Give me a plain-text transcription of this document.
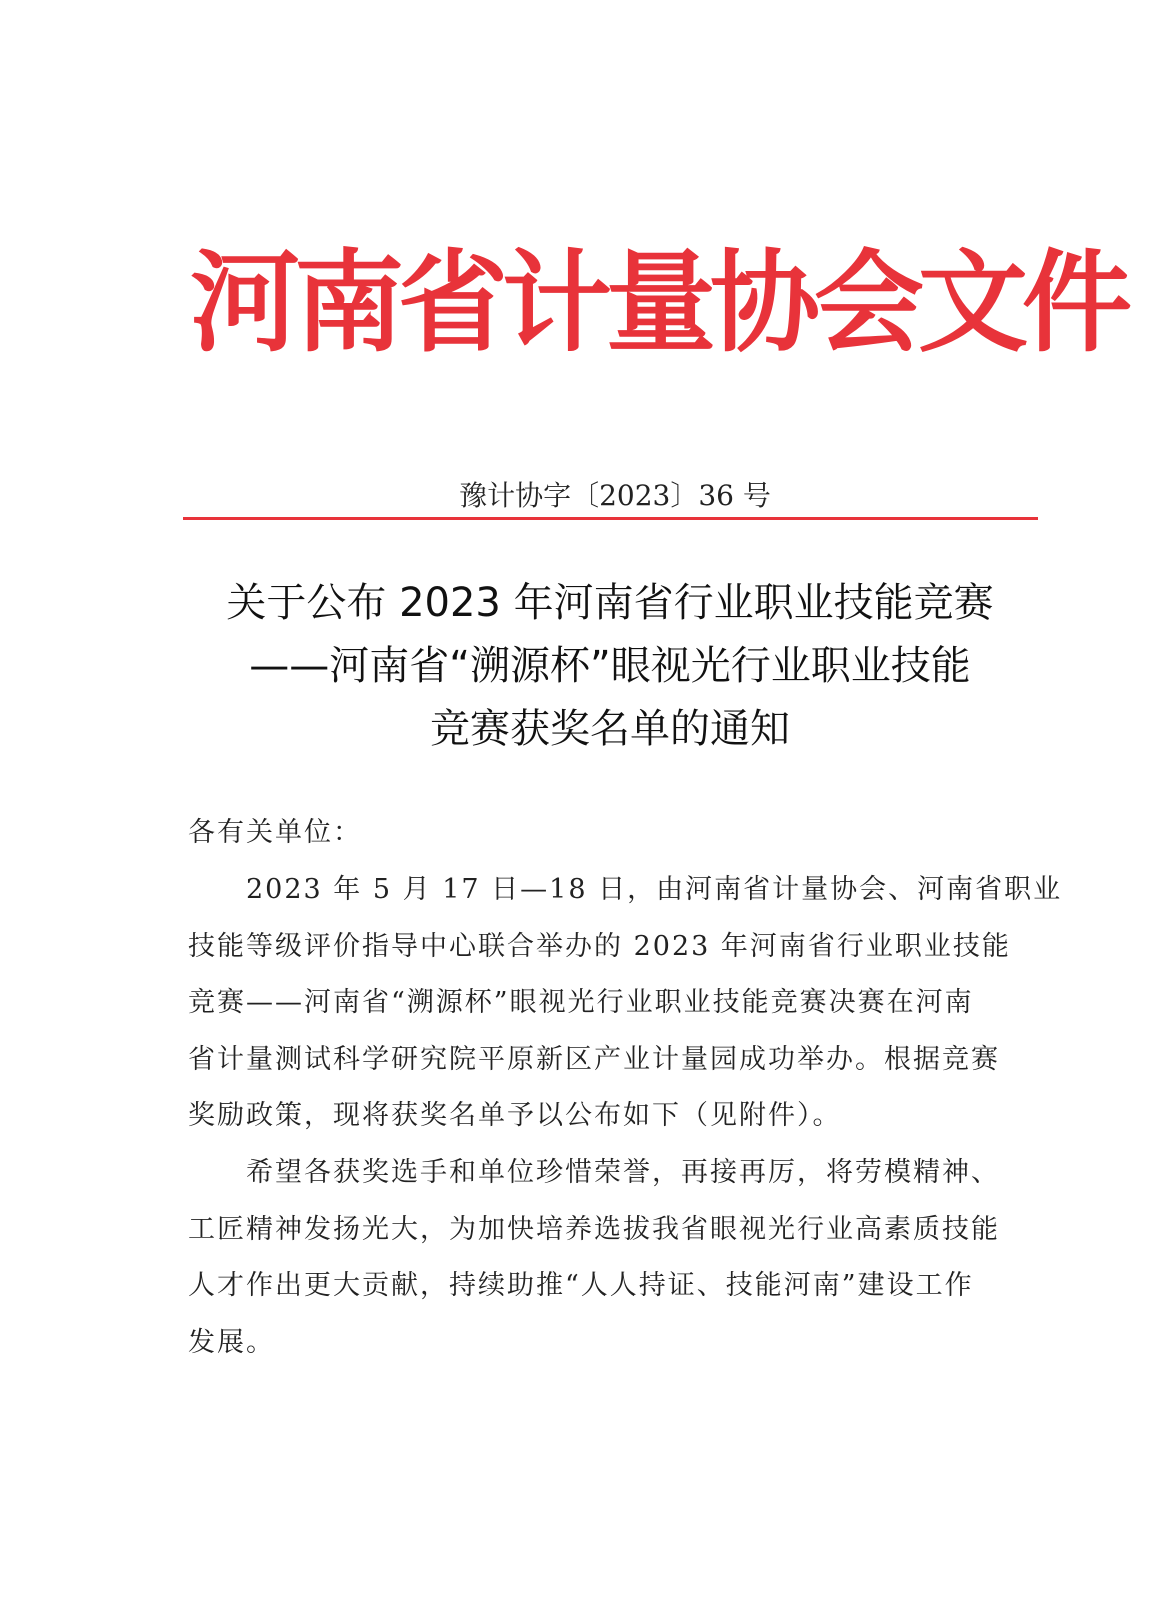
河南省计量协会文件
豫计协字〔2023〕36 号
关于公布 2023 年河南省行业职业技能竞赛
——河南省“溯源杯”眼视光行业职业技能
竞赛获奖名单的通知
各有关单位：
2023 年 5 月 17 日—18 日，由河南省计量协会、河南省职业
技能等级评价指导中心联合举办的 2023 年河南省行业职业技能
竞赛——河南省“溯源杯”眼视光行业职业技能竞赛决赛在河南
省计量测试科学研究院平原新区产业计量园成功举办。根据竞赛
奖励政策，现将获奖名单予以公布如下（见附件）。
希望各获奖选手和单位珍惜荣誉，再接再厉，将劳模精神、
工匠精神发扬光大，为加快培养选拔我省眼视光行业高素质技能
人才作出更大贡献，持续助推“人人持证、技能河南”建设工作
发展。
